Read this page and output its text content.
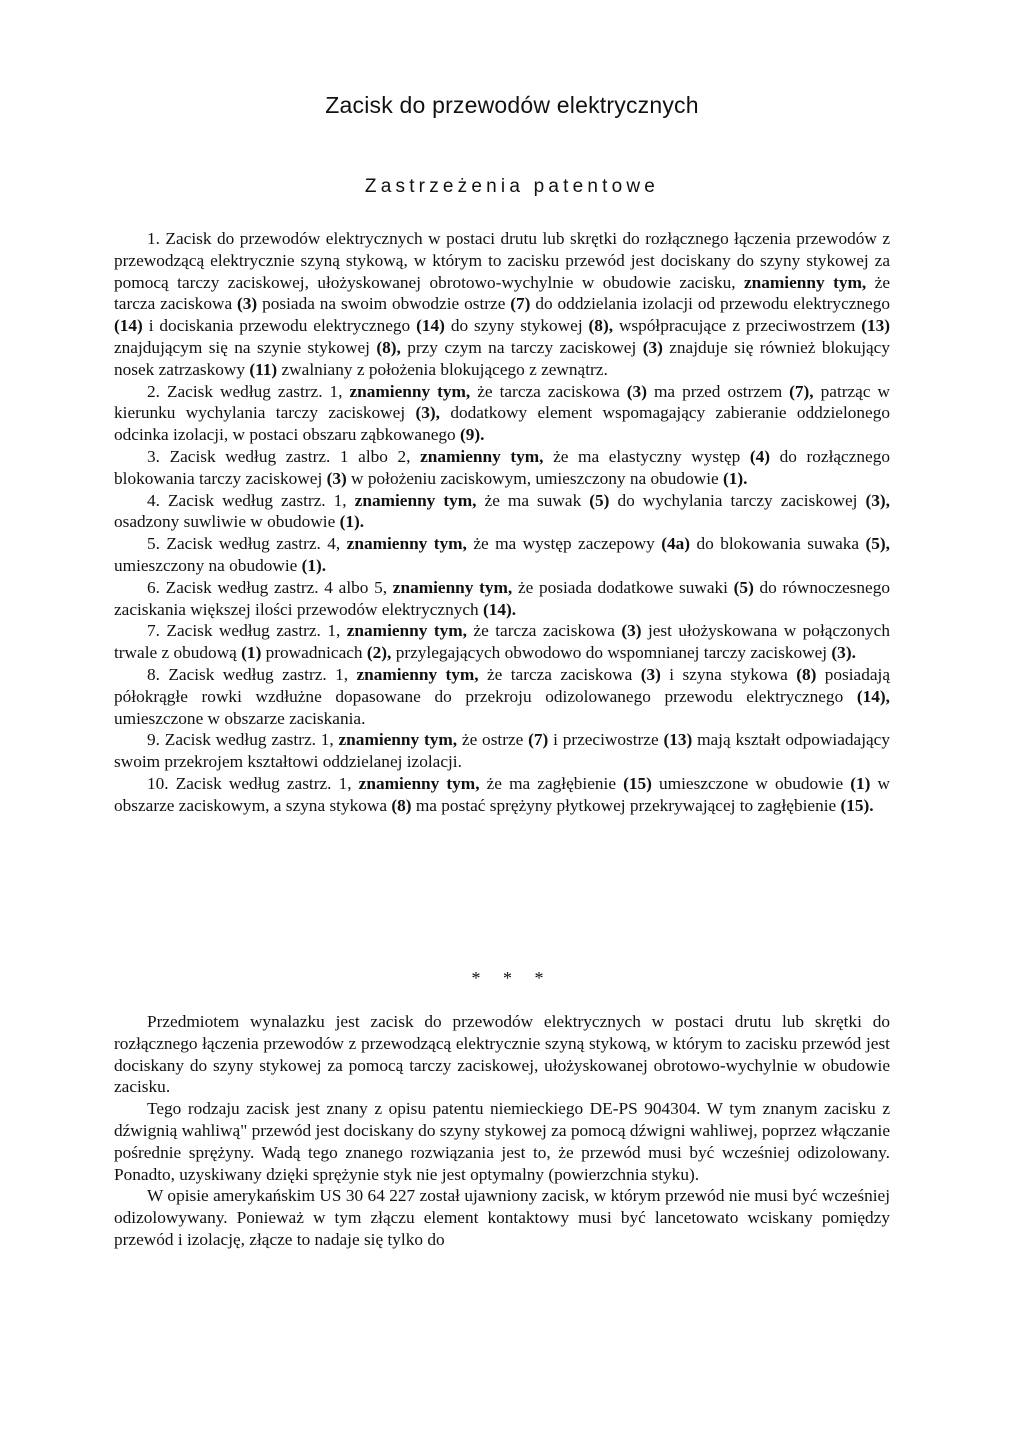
Zacisk do przewodów elektrycznych
Zastrzeżenia patentowe

1. Zacisk do przewodów elektrycznych w postaci drutu lub skrętki do rozłącznego łączenia przewodów z przewodzącą elektrycznie szyną stykową, w którym to zacisku przewód jest dociskany do szyny stykowej za pomocą tarczy zaciskowej, ułożyskowanej obrotowo-wychylnie w obudowie zacisku, znamienny tym, że tarcza zaciskowa (3) posiada na swoim obwodzie ostrze (7) do oddzielania izolacji od przewodu elektrycznego (14) i dociskania przewodu elektrycznego (14) do szyny stykowej (8), współpracujące z przeciwostrzem (13) znajdującym się na szynie stykowej (8), przy czym na tarczy zaciskowej (3) znajduje się również blokujący nosek zatrzaskowy (11) zwalniany z położenia blokującego z zewnątrz.

2. Zacisk według zastrz. 1, znamienny tym, że tarcza zaciskowa (3) ma przed ostrzem (7), patrząc w kierunku wychylania tarczy zaciskowej (3), dodatkowy element wspomagający zabieranie oddzielonego odcinka izolacji, w postaci obszaru ząbkowanego (9).

3. Zacisk według zastrz. 1 albo 2, znamienny tym, że ma elastyczny występ (4) do rozłącznego blokowania tarczy zaciskowej (3) w położeniu zaciskowym, umieszczony na obudowie (1).

4. Zacisk według zastrz. 1, znamienny tym, że ma suwak (5) do wychylania tarczy zaciskowej (3), osadzony suwliwie w obudowie (1).

5. Zacisk według zastrz. 4, znamienny tym, że ma występ zaczepowy (4a) do blokowania suwaka (5), umieszczony na obudowie (1).

6. Zacisk według zastrz. 4 albo 5, znamienny tym, że posiada dodatkowe suwaki (5) do równoczesnego zaciskania większej ilości przewodów elektrycznych (14).

7. Zacisk według zastrz. 1, znamienny tym, że tarcza zaciskowa (3) jest ułożyskowana w połączonych trwale z obudową (1) prowadnicach (2), przylegających obwodowo do wspomnianej tarczy zaciskowej (3).

8. Zacisk według zastrz. 1, znamienny tym, że tarcza zaciskowa (3) i szyna stykowa (8) posiadają półokrągłe rowki wzdłużne dopasowane do przekroju odizolowanego przewodu elektrycznego (14), umieszczone w obszarze zaciskania.

9. Zacisk według zastrz. 1, znamienny tym, że ostrze (7) i przeciwostrze (13) mają kształt odpowiadający swoim przekrojem kształtowi oddzielanej izolacji.

10. Zacisk według zastrz. 1, znamienny tym, że ma zagłębienie (15) umieszczone w obudowie (1) w obszarze zaciskowym, a szyna stykowa (8) ma postać sprężyny płytkowej przekrywającej to zagłębienie (15).

* * *

Przedmiotem wynalazku jest zacisk do przewodów elektrycznych w postaci drutu lub skrętki do rozłącznego łączenia przewodów z przewodzącą elektrycznie szyną stykową, w którym to zacisku przewód jest dociskany do szyny stykowej za pomocą tarczy zaciskowej, ułożyskowanej obrotowo-wychylnie w obudowie zacisku.

Tego rodzaju zacisk jest znany z opisu patentu niemieckiego DE-PS 904304. W tym znanym zacisku z dźwignią wahliwą" przewód jest dociskany do szyny stykowej za pomocą dźwigni wahliwej, poprzez włączanie pośrednie sprężyny. Wadą tego znanego rozwiązania jest to, że przewód musi być wcześniej odizolowany. Ponadto, uzyskiwany dzięki sprężynie styk nie jest optymalny (powierzchnia styku).

W opisie amerykańskim US 30 64 227 został ujawniony zacisk, w którym przewód nie musi być wcześniej odizolowywany. Ponieważ w tym złączu element kontaktowy musi być lancetowato wciskany pomiędzy przewód i izolację, złącze to nadaje się tylko do
